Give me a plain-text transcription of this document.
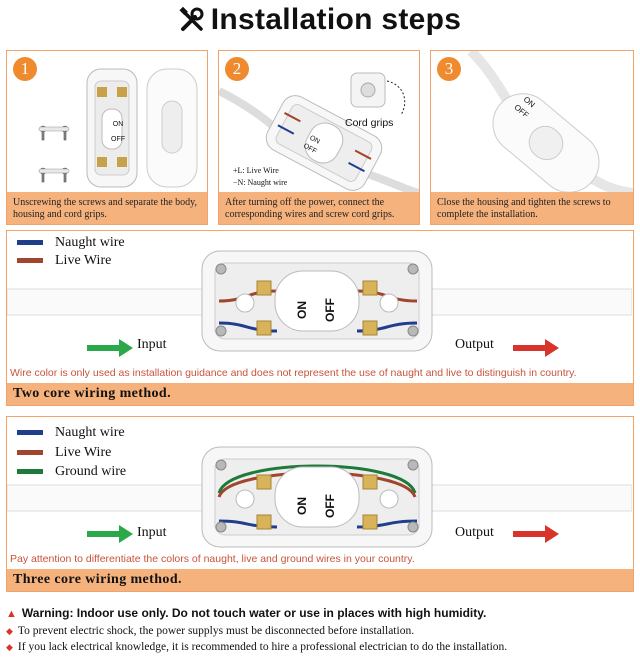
Installation steps
ON
OFF
1
Unscrewing the screws and separate the body, housing and cord grips.
ON
OFF
Cord grips
+L: Live Wire
−N: Naught wire
2
After turning off the power, connect the corresponding wires and screw cord grips.
ON
OFF
3
Close the housing and tighten the screws to complete the installation.
ON OFF
Naught wire
Live Wire
Input	Output
Wire color is only used as installation guidance and does not represent the use of naught and live to distinguish in country.
Two core wiring method.
ON OFF
Naught wire
Live Wire
Ground wire
Input	Output
Pay attention to differentiate the colors of naught, live and ground wires in your country.
Three core wiring method.
▲ Warning: Indoor use only. Do not touch water or use in places with high humidity.
◆ To prevent electric shock, the power supplys must be disconnected before installation.
◆ If you lack electrical knowledge, it is recommended to hire a professional electrician to do the installation.
